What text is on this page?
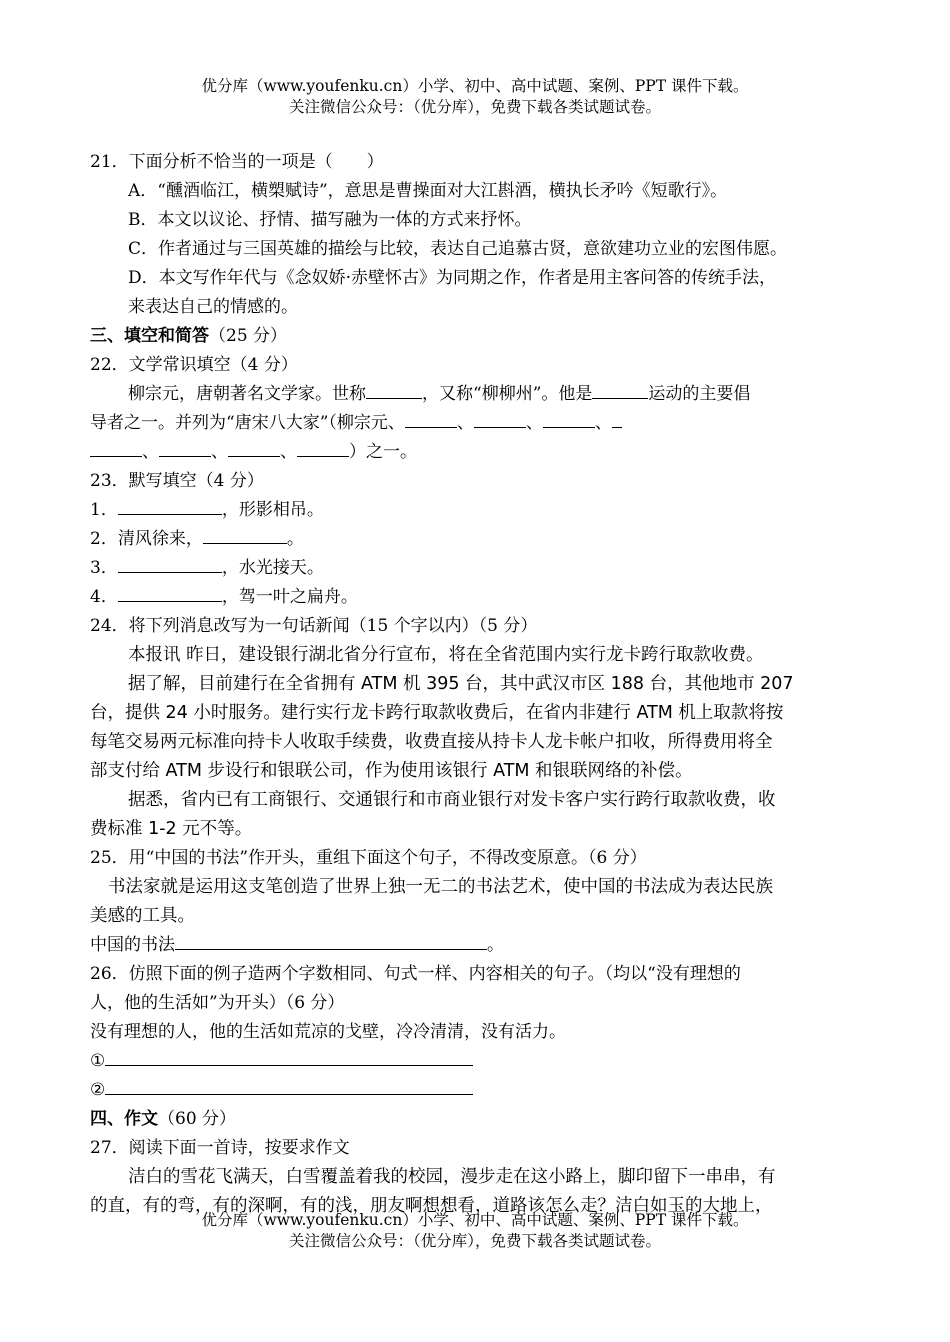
优分库（www.youfenku.cn）小学、初中、高中试题、案例、PPT 课件下载。
关注微信公众号：（优分库），免费下载各类试题试卷。
21．下面分析不恰当的一项是（　　）
A．“醺酒临江，横槊赋诗”，意思是曹操面对大江斟酒，横执长矛吟《短歌行》。
B．本文以议论、抒情、描写融为一体的方式来抒怀。
C．作者通过与三国英雄的描绘与比较，表达自己追慕古贤，意欲建功立业的宏图伟愿。
D．本文写作年代与《念奴娇·赤壁怀古》为同期之作，作者是用主客问答的传统手法，
来表达自己的情感的。
三、填空和简答（25 分）
22．文学常识填空（4 分）
柳宗元，唐朝著名文学家。世称	，又称“柳柳州”。他是	运动的主要倡
导者之一。并列为“唐宋八大家”（柳宗元、	、	、	、
、	、	、	）之一。
23．默写填空（4 分）
1．	，形影相吊。
2．清风徐来，	。
3．	，水光接天。
4．	，驾一叶之扁舟。
24．将下列消息改写为一句话新闻（15 个字以内）（5 分）
本报讯 昨日，建设银行湖北省分行宣布，将在全省范围内实行龙卡跨行取款收费。
据了解，目前建行在全省拥有 ATM 机 395 台，其中武汉市区 188 台，其他地市 207
台，提供 24 小时服务。建行实行龙卡跨行取款收费后，在省内非建行 ATM 机上取款将按
每笔交易两元标准向持卡人收取手续费，收费直接从持卡人龙卡帐户扣收，所得费用将全
部支付给 ATM 步设行和银联公司，作为使用该银行 ATM 和银联网络的补偿。
据悉，省内已有工商银行、交通银行和市商业银行对发卡客户实行跨行取款收费，收
费标准 1-2 元不等。
25．用“中国的书法”作开头，重组下面这个句子，不得改变原意。（6 分）
书法家就是运用这支笔创造了世界上独一无二的书法艺术，使中国的书法成为表达民族
美感的工具。
中国的书法	。
26．仿照下面的例子造两个字数相同、句式一样、内容相关的句子。（均以“没有理想的
人，他的生活如”为开头）（6 分）
没有理想的人，他的生活如荒凉的戈壁，冷冷清清，没有活力。
①
②
四、作文（60 分）
27．阅读下面一首诗，按要求作文
洁白的雪花飞满天，白雪覆盖着我的校园，漫步走在这小路上，脚印留下一串串，有
的直，有的弯，有的深啊，有的浅，朋友啊想想看，道路该怎么走？洁白如玉的大地上，
优分库（www.youfenku.cn）小学、初中、高中试题、案例、PPT 课件下载。
关注微信公众号：（优分库），免费下载各类试题试卷。
